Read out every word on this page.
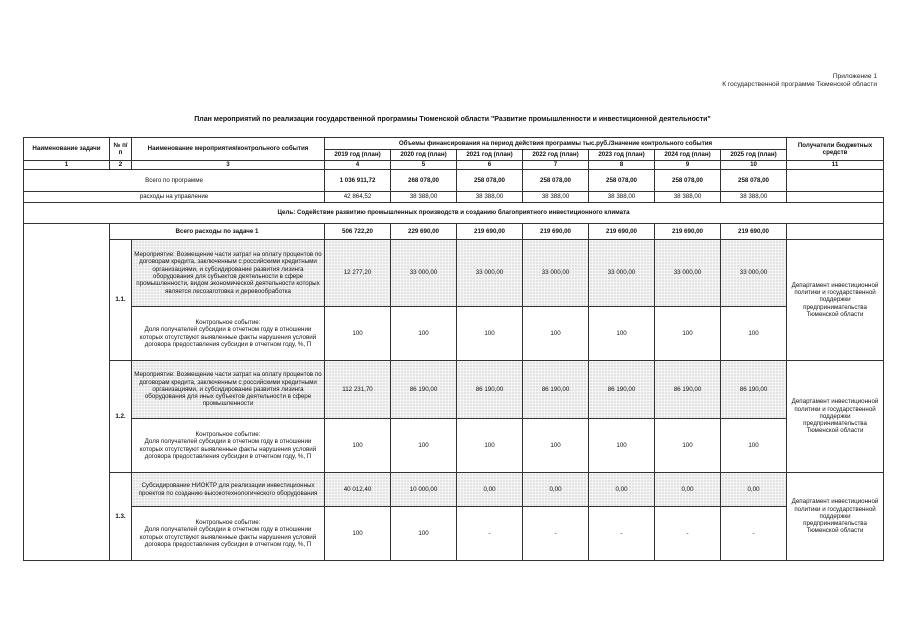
Приложение 1
К государственной программе Тюменской области
План мероприятий по реализации государственной программы Тюменской области "Развитие промышленности и инвестиционной деятельности"
Наименование задачи	№ п/п	Наименование мероприятия/контрольного события	Объемы финансирования на период действия программы тыс.руб./Значение контрольного события							Получатели бюджетных средств
			2019 год (план)	2020 год (план)	2021 год (план)	2022 год (план)	2023 год (план)	2024 год (план)	2025 год (план)	
1	2	3	4	5	6	7	8	9	10	11
Всего по программе			1 036 911,72	268 078,00	258 078,00	258 078,00	258 078,00	258 078,00	258 078,00	
расходы на управление			42 864,52	38 388,00	38 388,00	38 388,00	38 388,00	38 388,00	38 388,00	
Цель: Содействие развитию промышленных производств и созданию благоприятного инвестиционного климата										
	Всего расходы по задаче 1		506 722,20	229 690,00	219 690,00	219 690,00	219 690,00	219 690,00	219 690,00	
	1.1.	Мероприятие: Возмещение части затрат на оплату процентов по договорам кредита, заключенным с российскими кредитными организациями, и субсидирование развития лизинга оборудования для субъектов деятельности в сфере промышленности, видом экономической деятельности которых является лесозаготовка и деревообработка	12 277,20	33 000,00	33 000,00	33 000,00	33 000,00	33 000,00	33 000,00	Департамент инвестиционной политики и государственной поддержки предпринимательства Тюменской области
		Контрольное событие:
Доля получателей субсидии в отчетном году в отношении которых отсутствуют выявленные факты нарушения условий договора предоставления субсидии в отчетном году, %, П	100	100	100	100	100	100	100	
	1.2.	Мероприятие: Возмещение части затрат на оплату процентов по договорам кредита, заключенным с российскими кредитными организациями, и субсидирование развития лизинга оборудования для иных субъектов деятельности в сфере промышленности	112 231,70	86 190,00	86 190,00	86 190,00	86 190,00	86 190,00	86 190,00	Департамент инвестиционной политики и государственной поддержки предпринимательства Тюменской области
		Контрольное событие:
Доля получателей субсидии в отчетном году в отношении которых отсутствуют выявленные факты нарушения условий договора предоставления субсидии в отчетном году, %, П	100	100	100	100	100	100	100	
	1.3.	Субсидирование НИОКТР для реализации инвестиционных проектов по созданию высокотехнологического оборудования	40 012,40	10 000,00	0,00	0,00	0,00	0,00	0,00	Департамент инвестиционной политики и государственной поддержки предпринимательства Тюменской области
		Контрольное событие:
Доля получателей субсидии в отчетном году в отношении которых отсутствуют выявленные факты нарушения условий договора предоставления субсидии в отчетном году, %, П	100	100	-	-	-	-	-	
